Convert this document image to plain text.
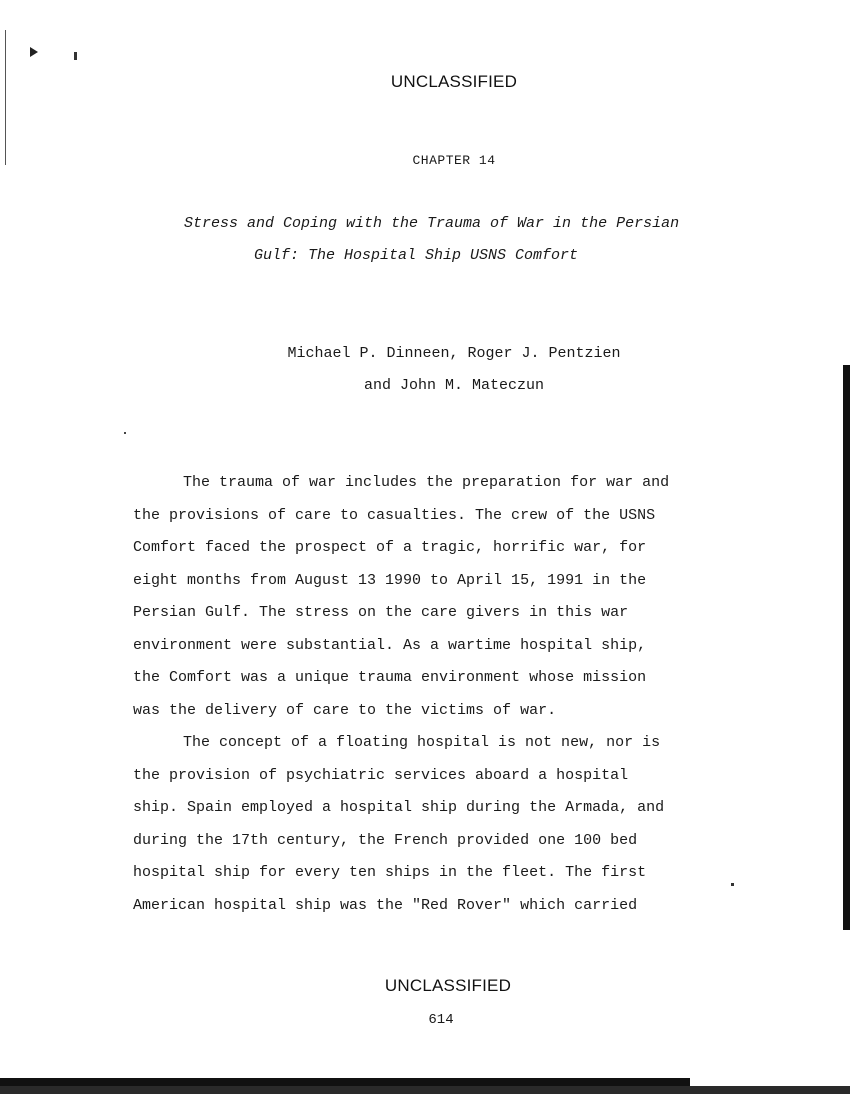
UNCLASSIFIED
CHAPTER 14
Stress and Coping with the Trauma of War in the Persian
Gulf: The Hospital Ship USNS Comfort
Michael P. Dinneen, Roger J. Pentzien
and John M. Mateczun
The trauma of war includes the preparation for war and
the provisions of care to casualties. The crew of the USNS
Comfort faced the prospect of a tragic, horrific war, for
eight months from August 13 1990 to April 15, 1991 in the
Persian Gulf. The stress on the care givers in this war
environment were substantial. As a wartime hospital ship,
the Comfort was a unique trauma environment whose mission
was the delivery of care to the victims of war.
The concept of a floating hospital is not new, nor is
the provision of psychiatric services aboard a hospital
ship. Spain employed a hospital ship during the Armada, and
during the 17th century, the French provided one 100 bed
hospital ship for every ten ships in the fleet. The first
American hospital ship was the "Red Rover" which carried
UNCLASSIFIED
614
